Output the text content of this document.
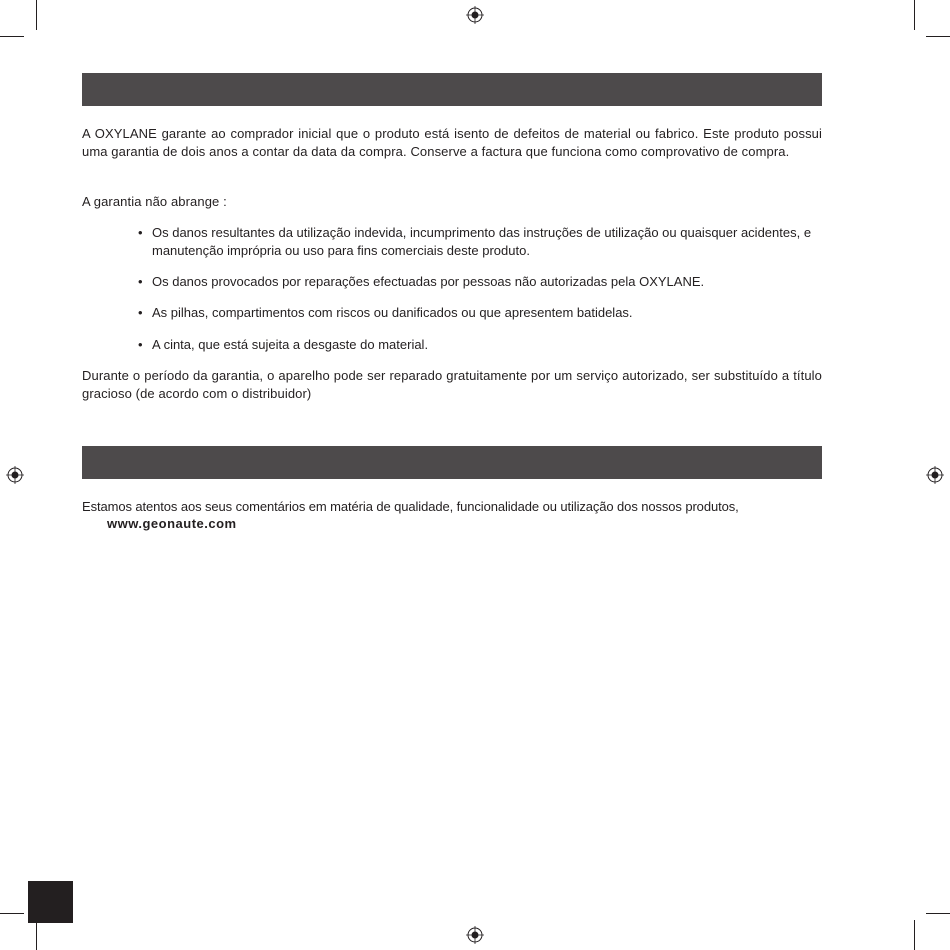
A OXYLANE garante ao comprador inicial que o produto está isento de defeitos de material ou fabrico. Este produto possui uma garantia de dois anos a contar da data da compra. Conserve a factura que funciona como comprovativo de compra.

A garantia não abrange :

• Os danos resultantes da utilização indevida, incumprimento das instruções de utilização ou quaisquer acidentes, e manutenção imprópria ou uso para fins comerciais deste produto.
• Os danos provocados por reparações efectuadas por pessoas não autorizadas pela OXYLANE.
• As pilhas, compartimentos com riscos ou danificados ou que apresentem batidelas.
• A cinta, que está sujeita a desgaste do material.

Durante o período da garantia, o aparelho pode ser reparado gratuitamente por um serviço autorizado, ser substituído a título gracioso (de acordo com o distribuidor)

Estamos atentos aos seus comentários em matéria de qualidade, funcionalidade ou utilização dos nossos produtos,

www.geonaute.com
